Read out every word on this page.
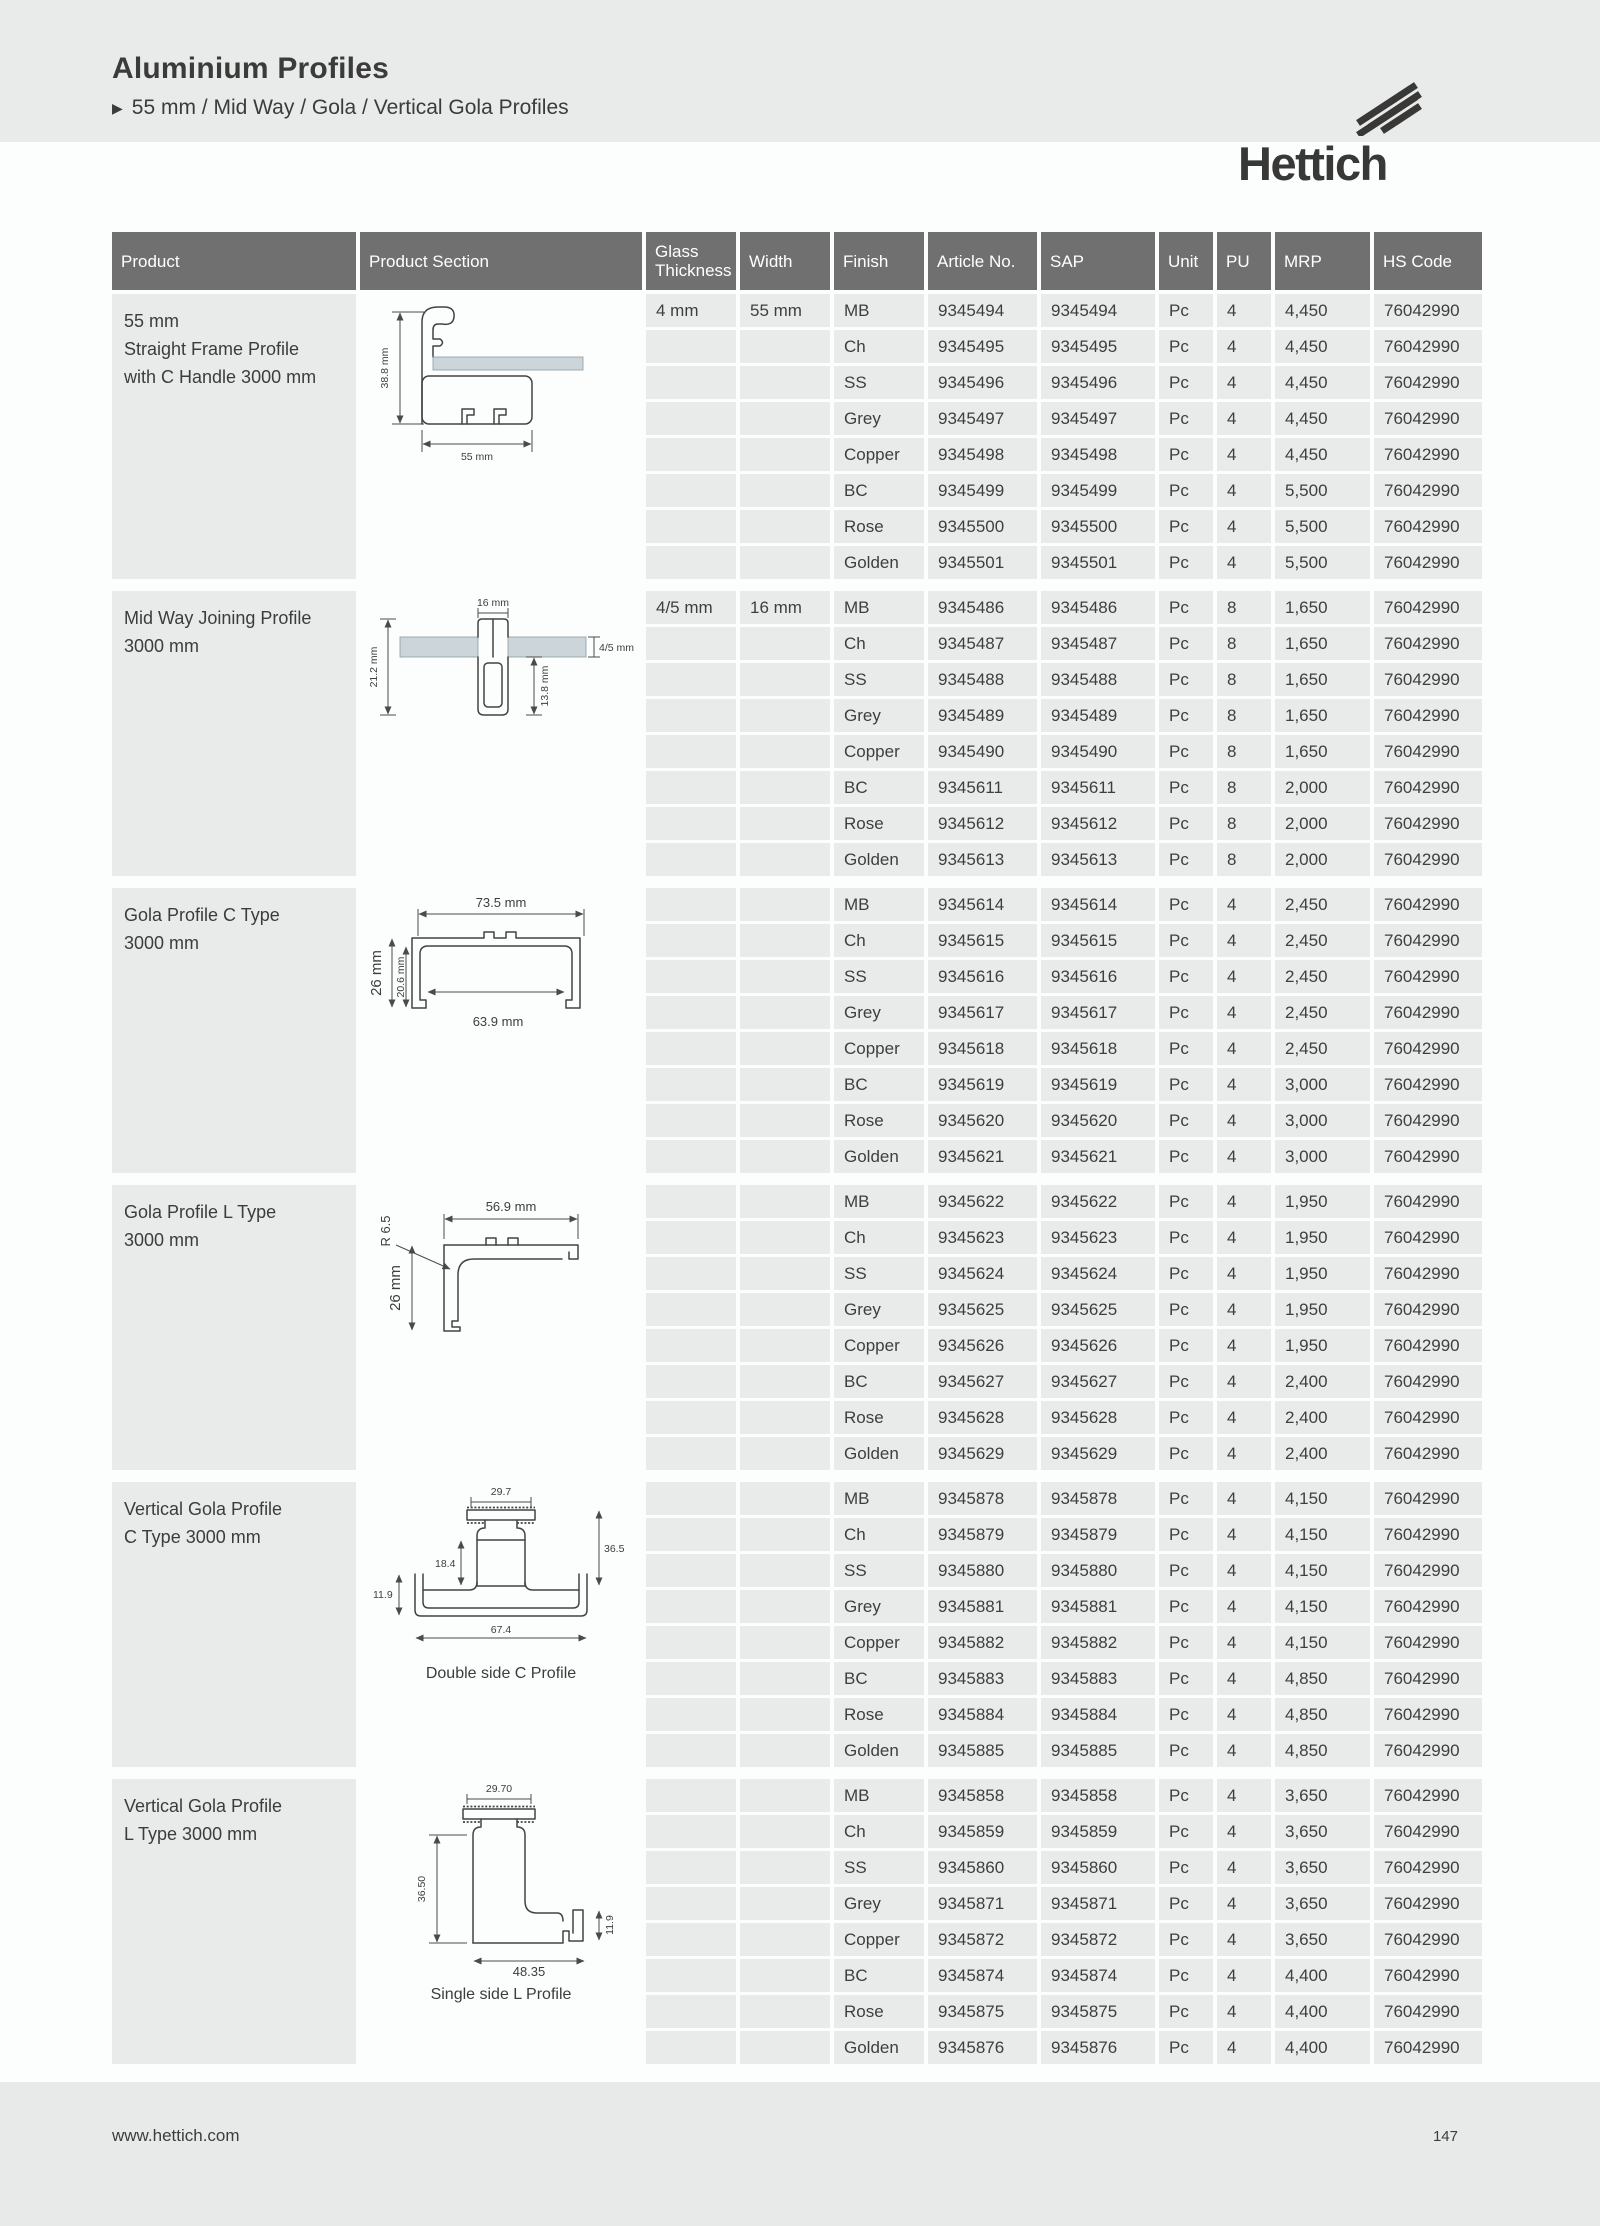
Aluminium Profiles
▶ 55 mm / Mid Way / Gola / Vertical Gola Profiles
Hettich
Product	Product Section	Glass Thickness	Width	Finish	Article No.	SAP	Unit	PU	MRP	HS Code
55 mm
Straight Frame Profile
with C Handle 3000 mm	38.8 mm
55 mm
4 mm	55 mm	MB	9345494	9345494	Pc	4	4,450	76042990
Ch	9345495	9345495	Pc	4	4,450	76042990
SS	9345496	9345496	Pc	4	4,450	76042990
Grey	9345497	9345497	Pc	4	4,450	76042990
Copper	9345498	9345498	Pc	4	4,450	76042990
BC	9345499	9345499	Pc	4	5,500	76042990
Rose	9345500	9345500	Pc	4	5,500	76042990
Golden	9345501	9345501	Pc	4	5,500	76042990
Mid Way Joining Profile
3000 mm
16 mm
21.2 mm	13.8 mm
4/5 mm
4/5 mm	16 mm	MB	9345486	9345486	Pc	8	1,650	76042990
Ch	9345487	9345487	Pc	8	1,650	76042990
SS	9345488	9345488	Pc	8	1,650	76042990
Grey	9345489	9345489	Pc	8	1,650	76042990
Copper	9345490	9345490	Pc	8	1,650	76042990
BC	9345611	9345611	Pc	8	2,000	76042990
Rose	9345612	9345612	Pc	8	2,000	76042990
Golden	9345613	9345613	Pc	8	2,000	76042990
Gola Profile C Type
3000 mm
73.5 mm
63.9 mm
26 mm 20.6 mm
MB	9345614	9345614	Pc	4	2,450	76042990
Ch	9345615	9345615	Pc	4	2,450	76042990
SS	9345616	9345616	Pc	4	2,450	76042990
Grey	9345617	9345617	Pc	4	2,450	76042990
Copper	9345618	9345618	Pc	4	2,450	76042990
BC	9345619	9345619	Pc	4	3,000	76042990
Rose	9345620	9345620	Pc	4	3,000	76042990
Golden	9345621	9345621	Pc	4	3,000	76042990
Gola Profile L Type
3000 mm	R 6.5
56.9 mm
26 mm
MB	9345622	9345622	Pc	4	1,950	76042990
Ch	9345623	9345623	Pc	4	1,950	76042990
SS	9345624	9345624	Pc	4	1,950	76042990
Grey	9345625	9345625	Pc	4	1,950	76042990
Copper	9345626	9345626	Pc	4	1,950	76042990
BC	9345627	9345627	Pc	4	2,400	76042990
Rose	9345628	9345628	Pc	4	2,400	76042990
Golden	9345629	9345629	Pc	4	2,400	76042990
Vertical Gola Profile
C Type 3000 mm
29.7
18.4
36.5
11.9
67.4
Double side C Profile
MB	9345878	9345878	Pc	4	4,150	76042990
Ch	9345879	9345879	Pc	4	4,150	76042990
SS	9345880	9345880	Pc	4	4,150	76042990
Grey	9345881	9345881	Pc	4	4,150	76042990
Copper	9345882	9345882	Pc	4	4,150	76042990
BC	9345883	9345883	Pc	4	4,850	76042990
Rose	9345884	9345884	Pc	4	4,850	76042990
Golden	9345885	9345885	Pc	4	4,850	76042990
Vertical Gola Profile
L Type 3000 mm
29.70
36.50
11.9
48.35
Single side L Profile
MB	9345858	9345858	Pc	4	3,650	76042990
Ch	9345859	9345859	Pc	4	3,650	76042990
SS	9345860	9345860	Pc	4	3,650	76042990
Grey	9345871	9345871	Pc	4	3,650	76042990
Copper	9345872	9345872	Pc	4	3,650	76042990
BC	9345874	9345874	Pc	4	4,400	76042990
Rose	9345875	9345875	Pc	4	4,400	76042990
Golden	9345876	9345876	Pc	4	4,400	76042990
www.hettich.com	147
